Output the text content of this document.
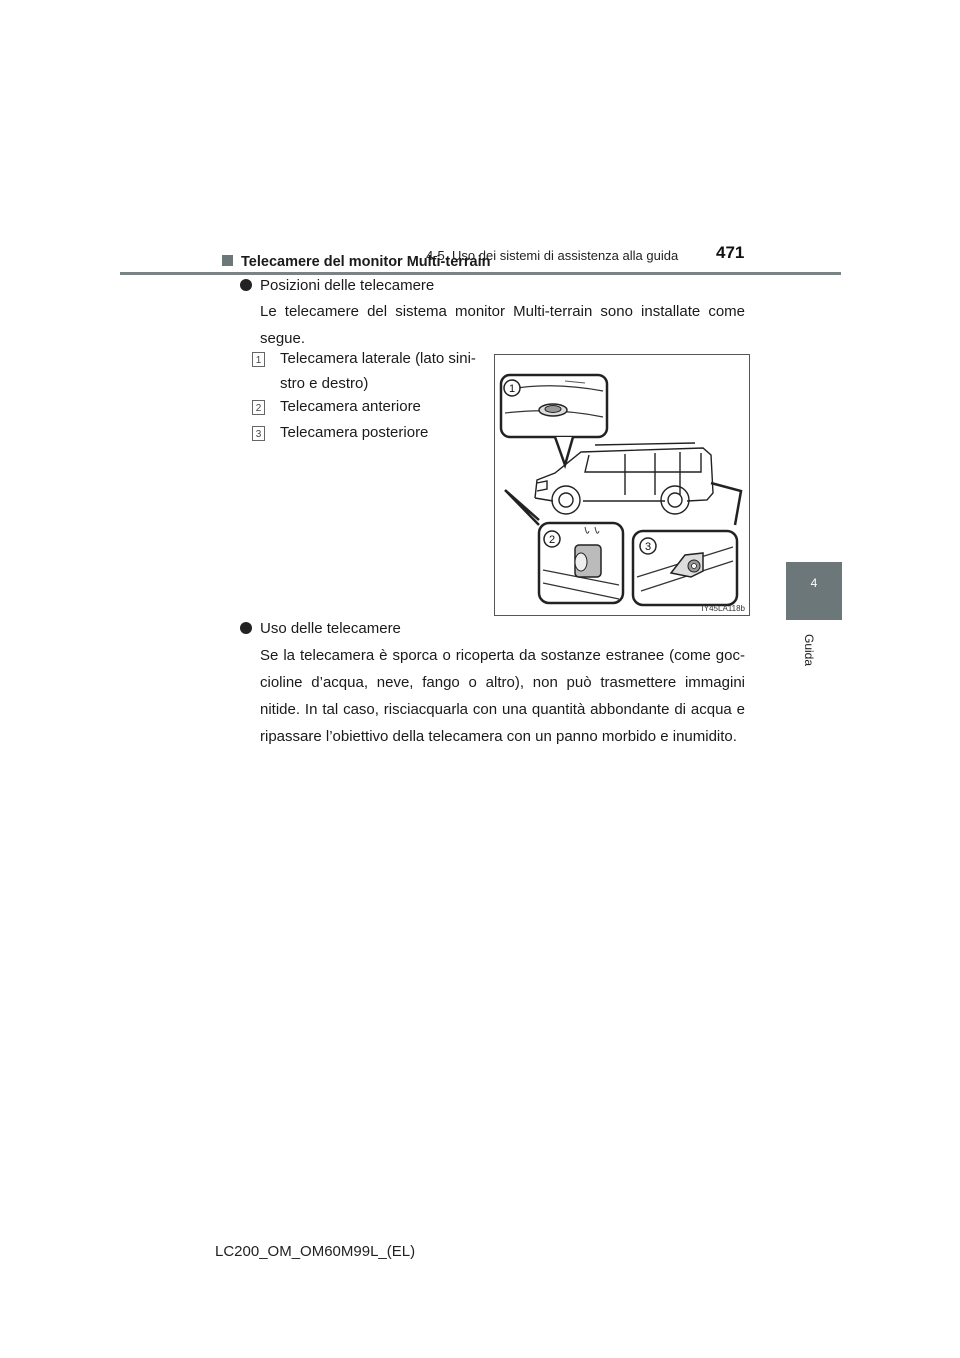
4-5. Uso dei sistemi di assistenza alla guida 471
4
Guida
Telecamere del monitor Multi-terrain
Posizioni delle telecamere
Le telecamere del sistema monitor Multi-terrain sono installate come segue.
1 Telecamera laterale (lato sini-stro e destro)
2 Telecamera anteriore
3 Telecamera posteriore
1
2
3
IY45LA118b
Uso delle telecamere
Se la telecamera è sporca o ricoperta da sostanze estranee (come goc-cioline d’acqua, neve, fango o altro), non può trasmettere immagini nitide. In tal caso, risciacquarla con una quantità abbondante di acqua e ripassare l’obiettivo della telecamera con un panno morbido e inumidito.
LC200_OM_OM60M99L_(EL)
